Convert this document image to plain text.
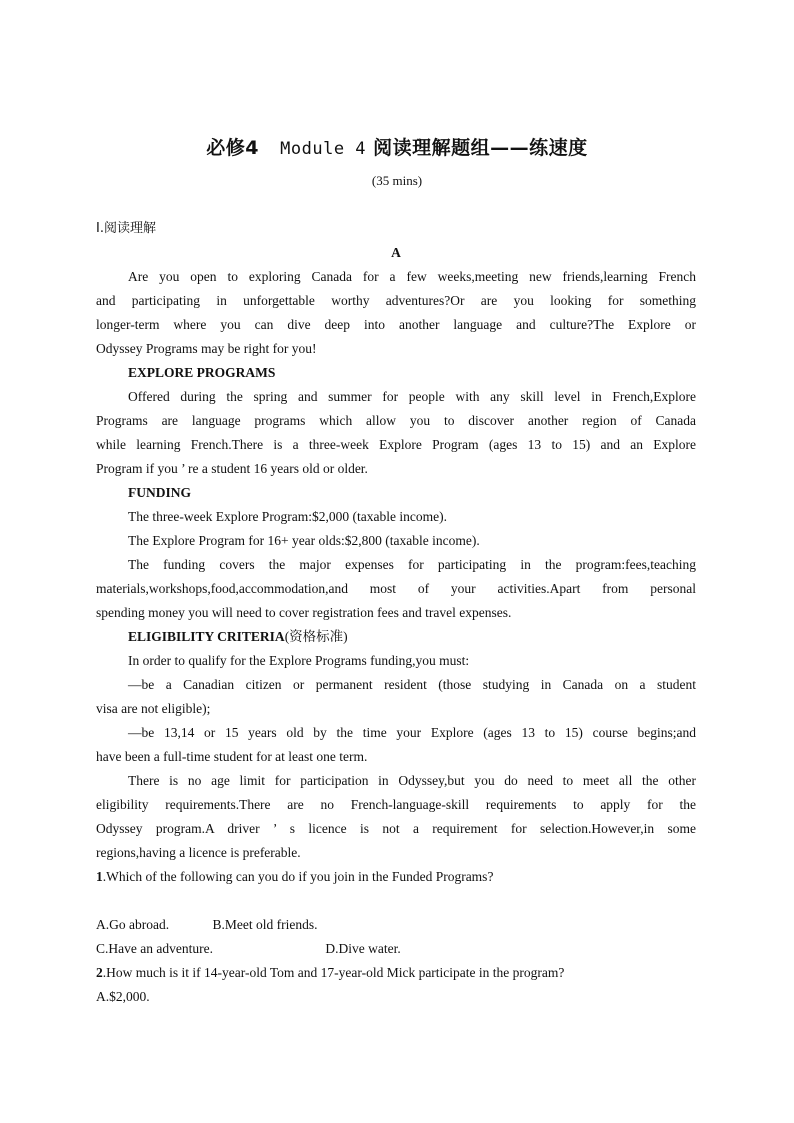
必修4 Module 4 阅读理解题组——练速度
(35 mins)
Ⅰ.阅读理解
A
Are you open to exploring Canada for a few weeks,meeting new friends,learning French
and participating in unforgettable worthy adventures?Or are you looking for something
longer-term where you can dive deep into another language and culture?The Explore or
Odyssey Programs may be right for you!
EXPLORE PROGRAMS
Offered during the spring and summer for people with any skill level in French,Explore
Programs are language programs which allow you to discover another region of Canada
while learning French.There is a three-week Explore Program (ages 13 to 15) and an Explore
Program if you ’ re a student 16 years old or older.
FUNDING
The three-week Explore Program:$2,000 (taxable income).
The Explore Program for 16+ year olds:$2,800 (taxable income).
The funding covers the major expenses for participating in the program:fees,teaching
materials,workshops,food,accommodation,and most of your activities.Apart from personal
spending money you will need to cover registration fees and travel expenses.
ELIGIBILITY CRITERIA(资格标准)
In order to qualify for the Explore Programs funding,you must:
—be a Canadian citizen or permanent resident (those studying in Canada on a student
visa are not eligible);
—be 13,14 or 15 years old by the time your Explore (ages 13 to 15) course begins;and
have been a full-time student for at least one term.
There is no age limit for participation in Odyssey,but you do need to meet all the other
eligibility requirements.There are no French-language-skill requirements to apply for the
Odyssey program.A driver ’ s licence is not a requirement for selection.However,in some
regions,having a licence is preferable.
1.Which of the following can you do if you join in the Funded Programs?
A.Go abroad.	B.Meet old friends.
C.Have an adventure.	D.Dive water.
2.How much is it if 14-year-old Tom and 17-year-old Mick participate in the program?
A.$2,000.
